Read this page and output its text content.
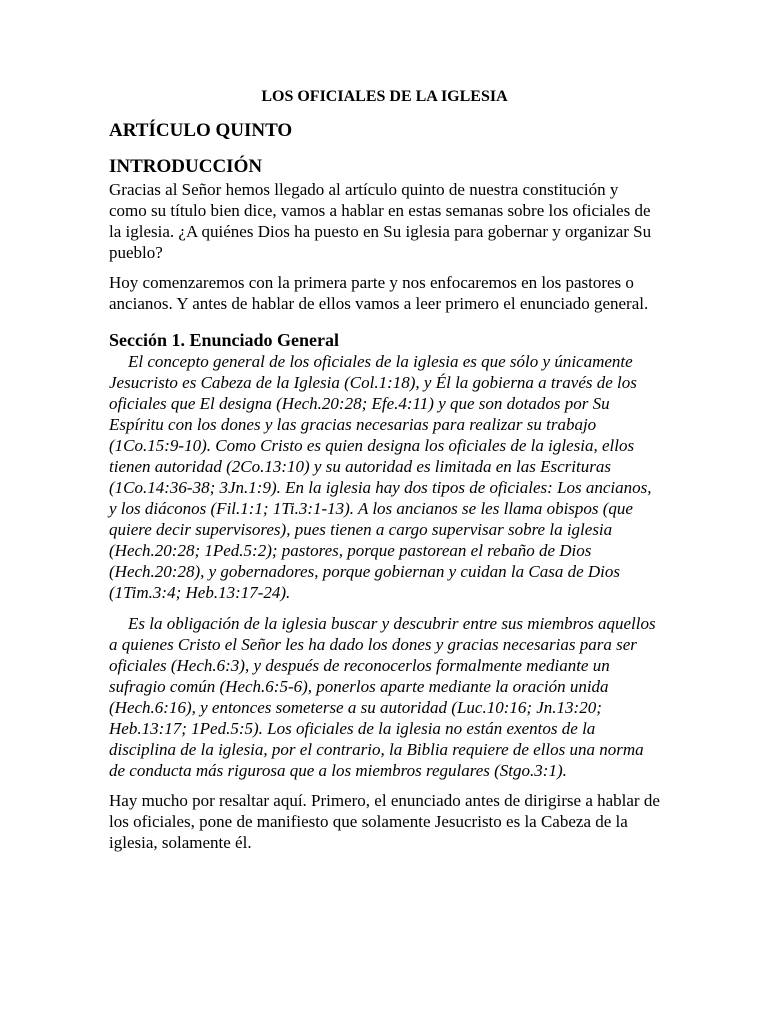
LOS OFICIALES DE LA IGLESIA
ARTÍCULO QUINTO
INTRODUCCIÓN

Gracias al Señor hemos llegado al artículo quinto de nuestra constitución y como su título bien dice, vamos a hablar en estas semanas sobre los oficiales de la iglesia. ¿A quiénes Dios ha puesto en Su iglesia para gobernar y organizar Su pueblo?

Hoy comenzaremos con la primera parte y nos enfocaremos en los pastores o ancianos. Y antes de hablar de ellos vamos a leer primero el enunciado general.

Sección 1. Enunciado General

El concepto general de los oficiales de la iglesia es que sólo y únicamente Jesucristo es Cabeza de la Iglesia (Col.1:18), y Él la gobierna a través de los oficiales que El designa (Hech.20:28; Efe.4:11) y que son dotados por Su Espíritu con los dones y las gracias necesarias para realizar su trabajo (1Co.15:9-10). Como Cristo es quien designa los oficiales de la iglesia, ellos tienen autoridad (2Co.13:10) y su autoridad es limitada en las Escrituras (1Co.14:36-38; 3Jn.1:9). En la iglesia hay dos tipos de oficiales: Los ancianos, y los diáconos (Fil.1:1; 1Ti.3:1-13). A los ancianos se les llama obispos (que quiere decir supervisores), pues tienen a cargo supervisar sobre la iglesia (Hech.20:28; 1Ped.5:2); pastores, porque pastorean el rebaño de Dios (Hech.20:28), y gobernadores, porque gobiernan y cuidan la Casa de Dios (1Tim.3:4; Heb.13:17-24).

Es la obligación de la iglesia buscar y descubrir entre sus miembros aquellos a quienes Cristo el Señor les ha dado los dones y gracias necesarias para ser oficiales (Hech.6:3), y después de reconocerlos formalmente mediante un sufragio común (Hech.6:5-6), ponerlos aparte mediante la oración unida (Hech.6:16), y entonces someterse a su autoridad (Luc.10:16; Jn.13:20; Heb.13:17; 1Ped.5:5). Los oficiales de la iglesia no están exentos de la disciplina de la iglesia, por el contrario, la Biblia requiere de ellos una norma de conducta más rigurosa que a los miembros regulares (Stgo.3:1).

Hay mucho por resaltar aquí. Primero, el enunciado antes de dirigirse a hablar de los oficiales, pone de manifiesto que solamente Jesucristo es la Cabeza de la iglesia, solamente él.
